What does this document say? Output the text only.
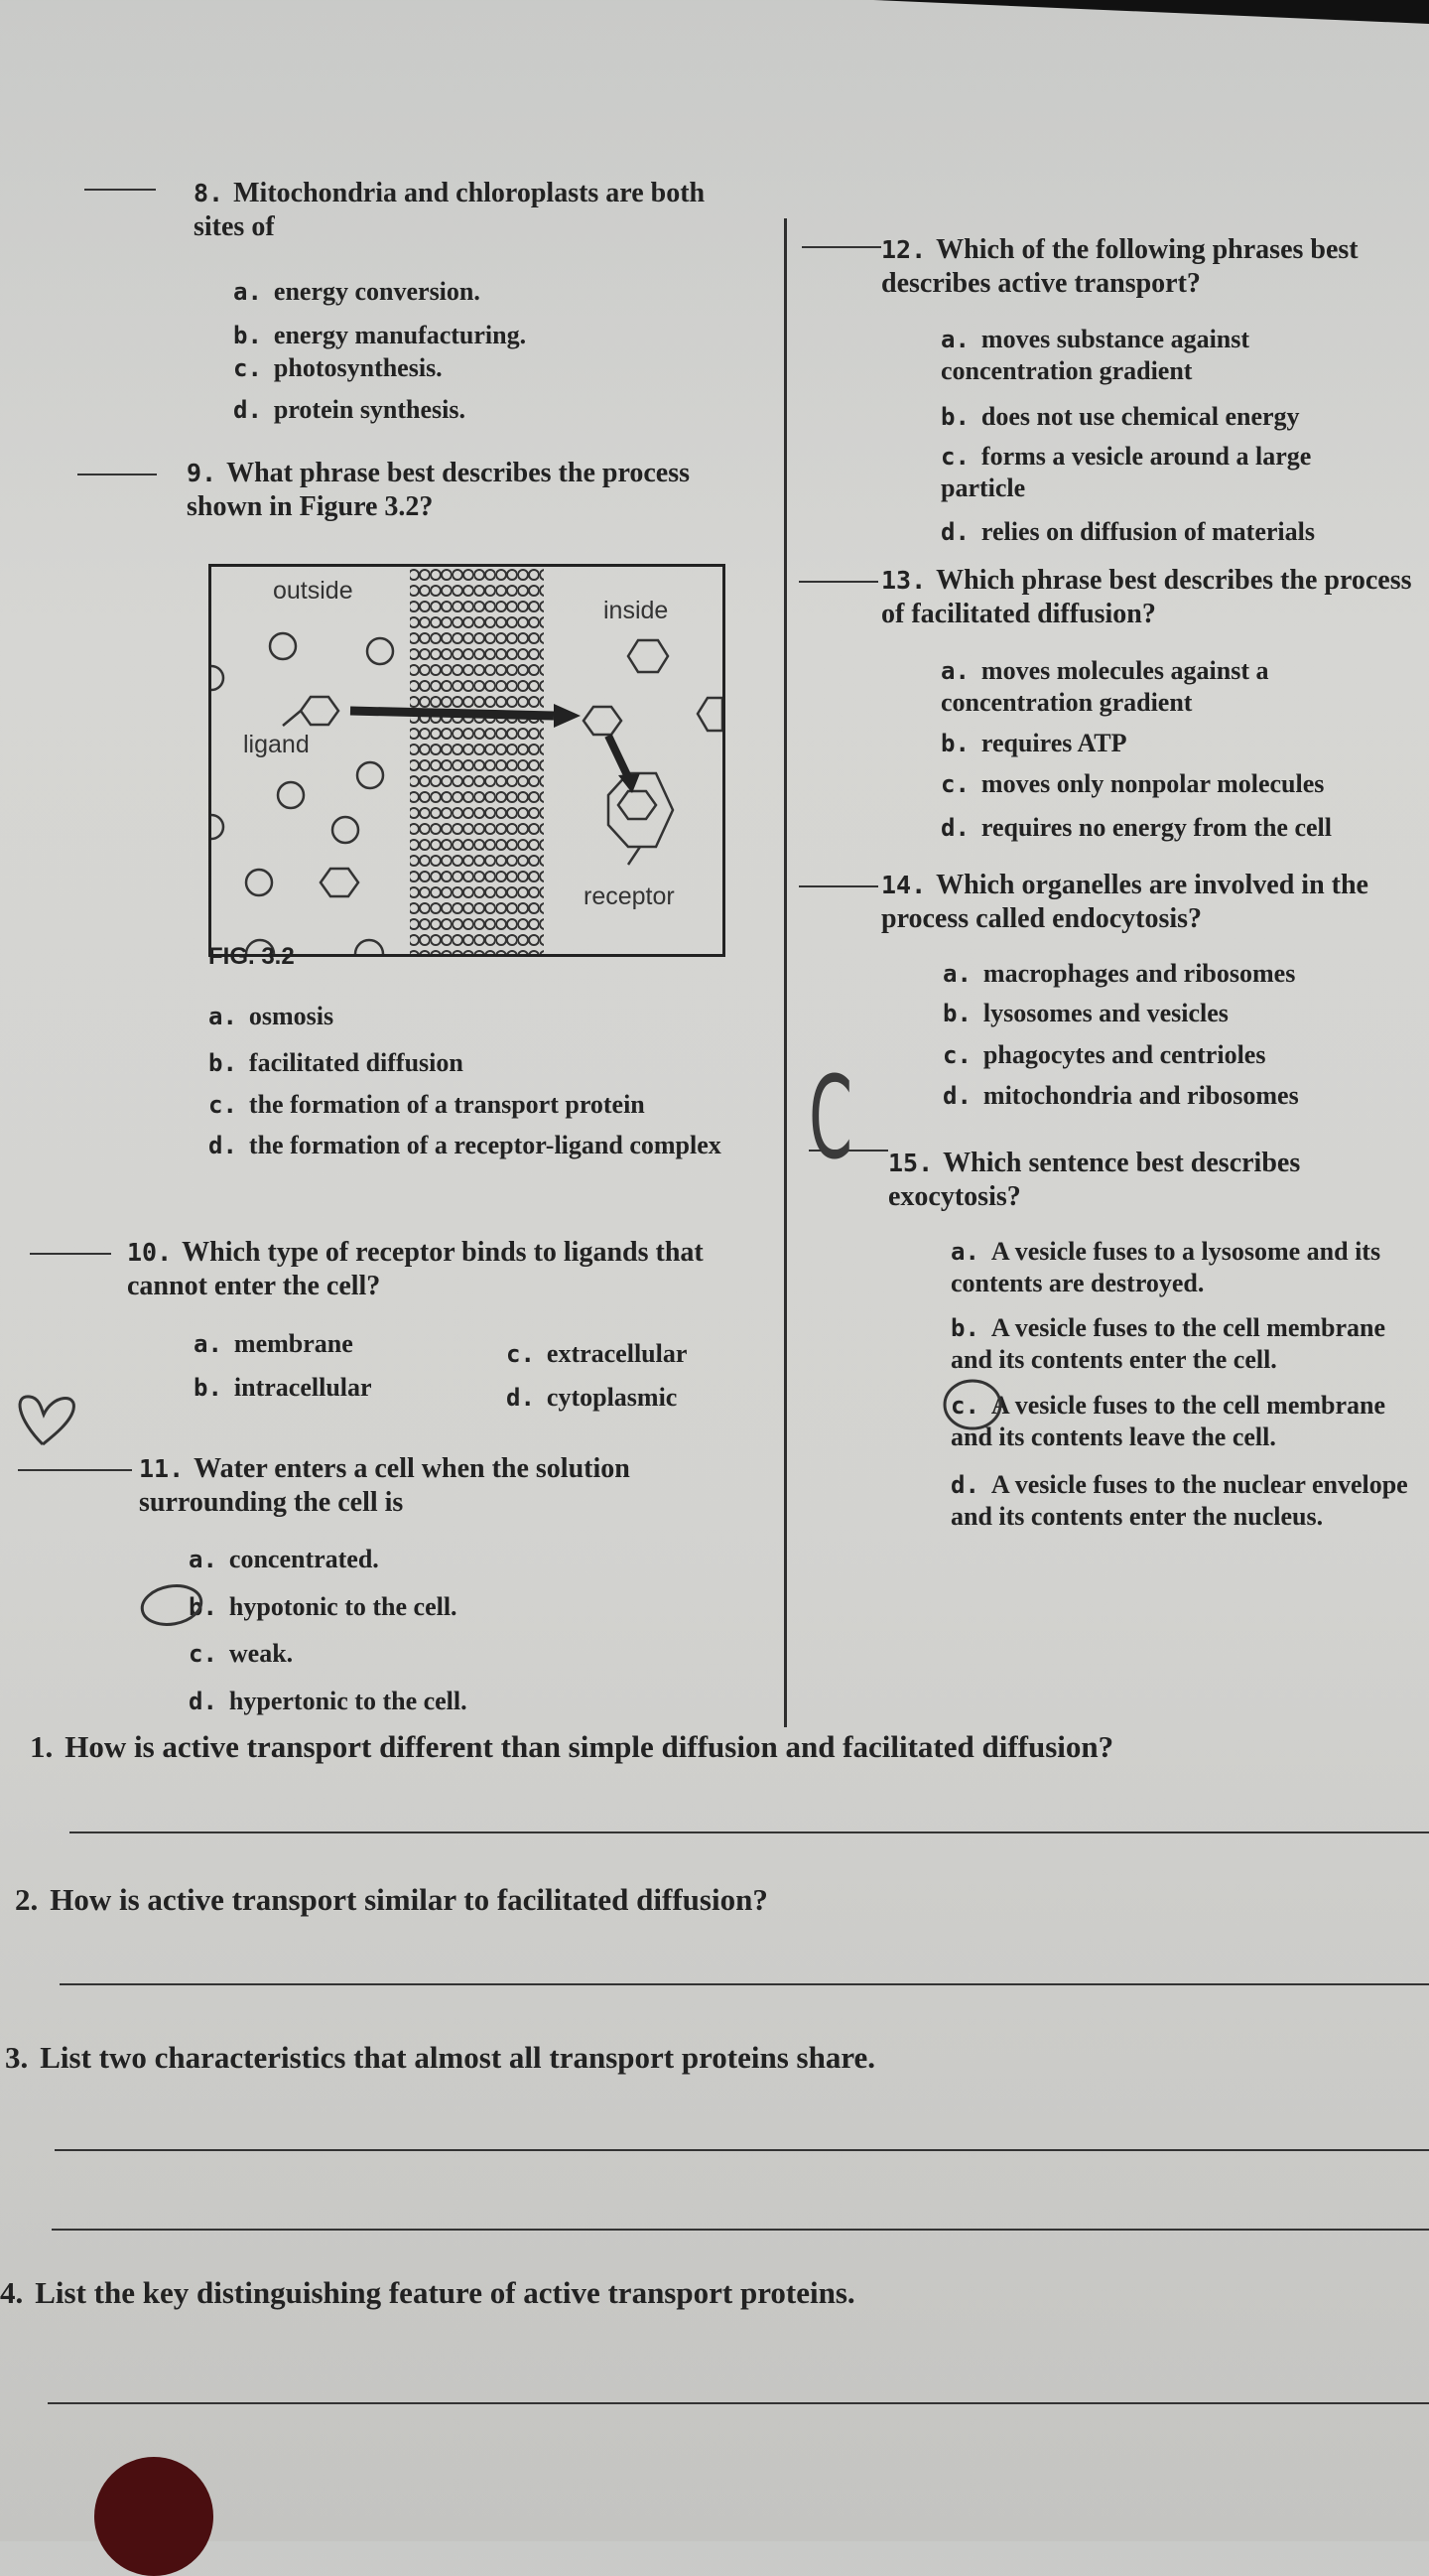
8. Mitochondria and chloroplasts are both sites of
a. energy conversion.
b. energy manufacturing.
c. photosynthesis.
d. protein synthesis.
9. What phrase best describes the process shown in Figure 3.2?
outside
inside
ligand
receptor
FIG. 3.2
a. osmosis
b. facilitated diffusion
c. the formation of a transport protein
d. the formation of a receptor-ligand complex
10. Which type of receptor binds to ligands that cannot enter the cell?
a. membrane	c. extracellular
b. intracellular	d. cytoplasmic
11. Water enters a cell when the solution surrounding the cell is
a. concentrated.
b. hypotonic to the cell.
c. weak.
d. hypertonic to the cell.
12. Which of the following phrases best describes active transport?
a. moves substance against concentration gradient
b. does not use chemical energy
c. forms a vesicle around a large particle
d. relies on diffusion of materials
13. Which phrase best describes the process of facilitated diffusion?
a. moves molecules against a concentration gradient
b. requires ATP
c. moves only nonpolar molecules
d. requires no energy from the cell
14. Which organelles are involved in the process called endocytosis?
a. macrophages and ribosomes
b. lysosomes and vesicles
c. phagocytes and centrioles
d. mitochondria and ribosomes
C 15. Which sentence best describes exocytosis?
a. A vesicle fuses to a lysosome and its contents are destroyed.
b. A vesicle fuses to the cell membrane and its contents enter the cell.
c. A vesicle fuses to the cell membrane and its contents leave the cell.
d. A vesicle fuses to the nuclear envelope and its contents enter the nucleus.
1. How is active transport different than simple diffusion and facilitated diffusion?
2. How is active transport similar to facilitated diffusion?
3. List two characteristics that almost all transport proteins share.
4. List the key distinguishing feature of active transport proteins.
